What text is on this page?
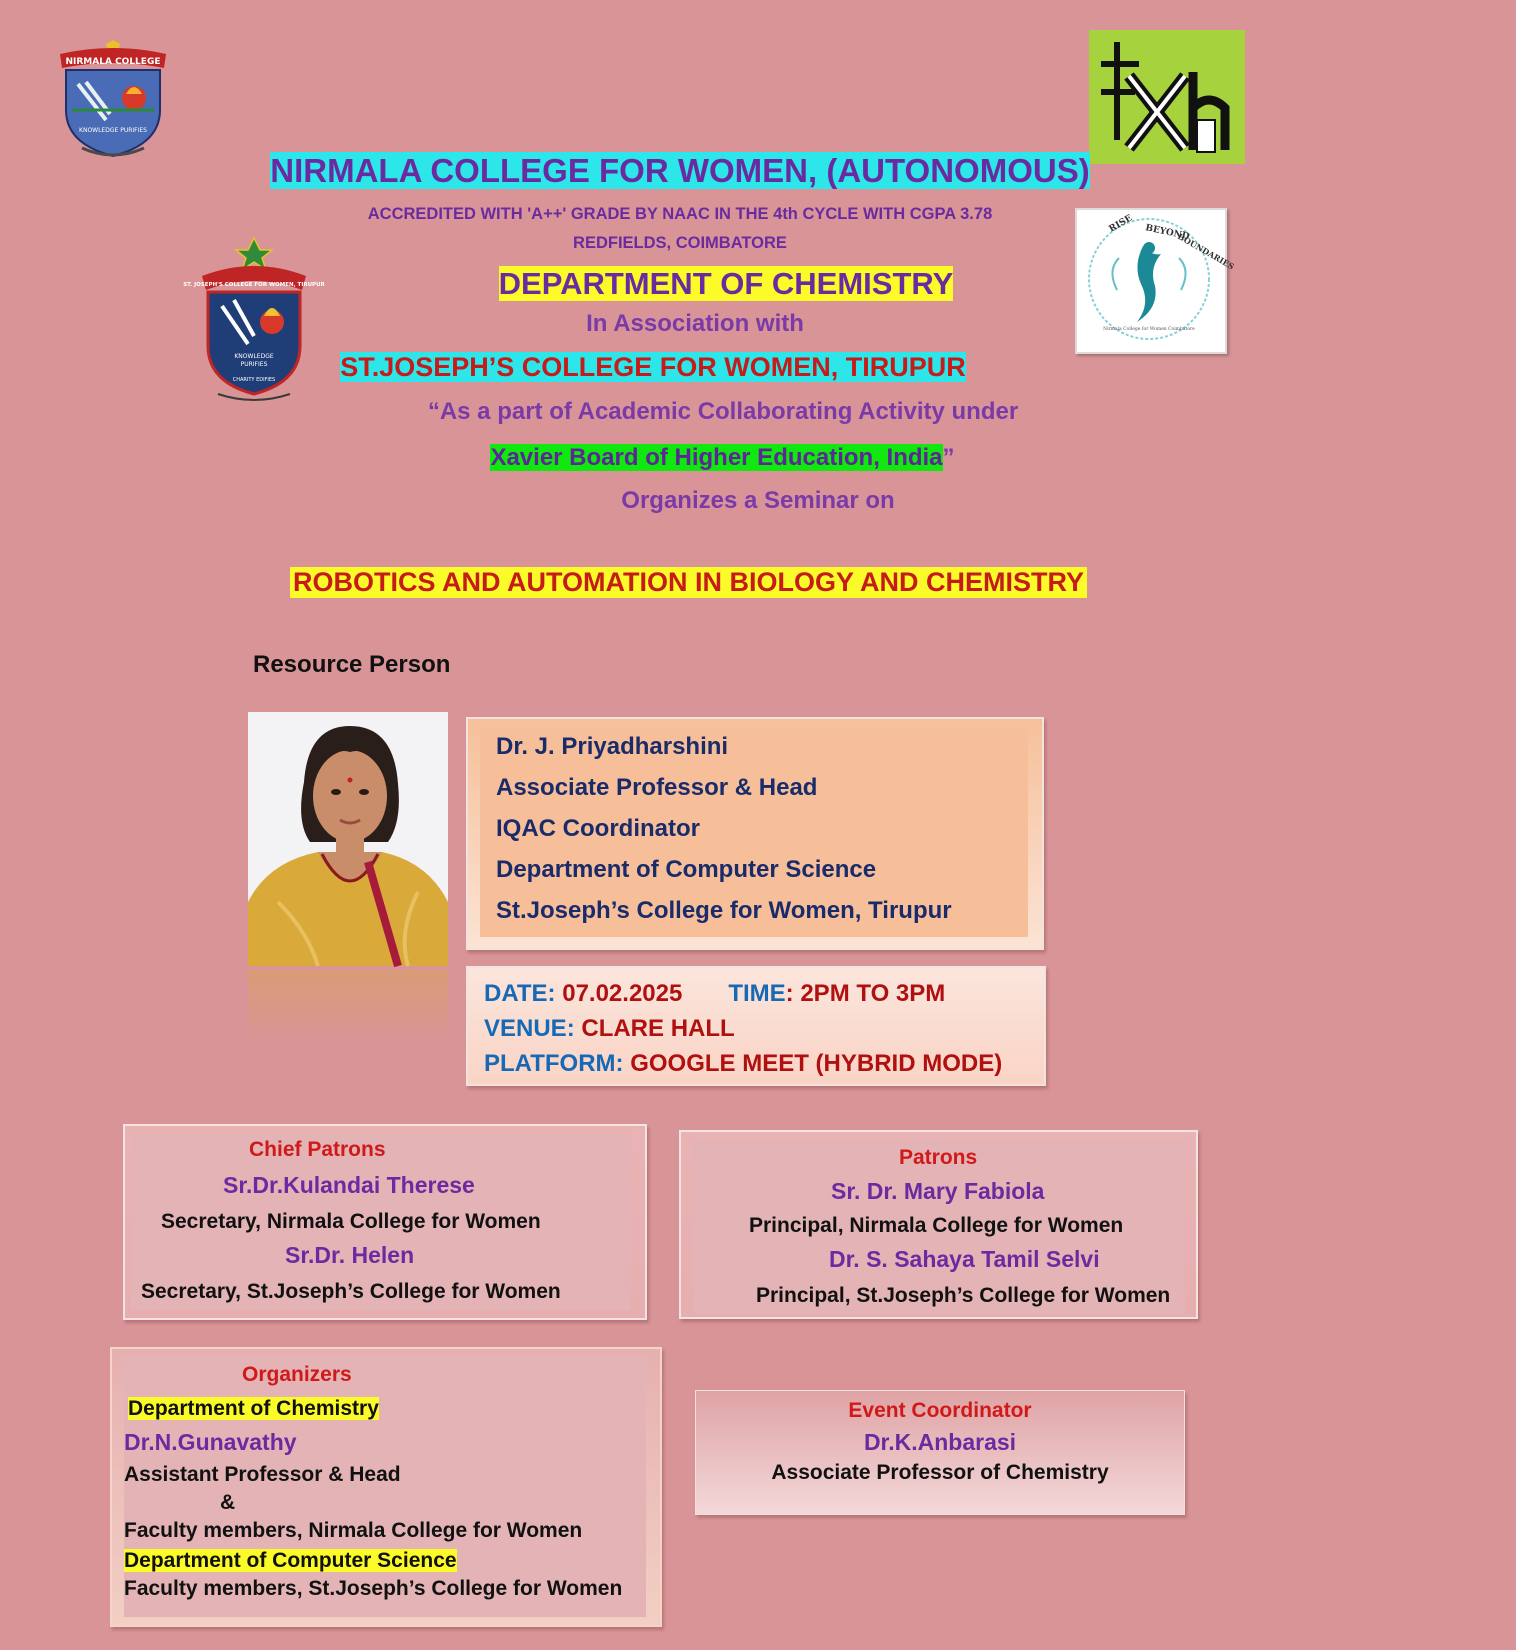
NIRMALA COLLEGE
KNOWLEDGE PURIFIES
ST. JOSEPH'S COLLEGE FOR WOMEN, TIRUPUR
KNOWLEDGE
PURIFIES
CHARITY EDIFIES
RISE BEYOND
BOUNDARIES
Nirmala College for Women Coimbatore
NIRMALA COLLEGE FOR WOMEN, (AUTONOMOUS)
ACCREDITED WITH 'A++' GRADE BY NAAC IN THE 4th CYCLE WITH CGPA 3.78
REDFIELDS, COIMBATORE
DEPARTMENT OF CHEMISTRY
In Association with
ST.JOSEPH’S COLLEGE FOR WOMEN, TIRUPUR
“As a part of Academic Collaborating Activity under
Xavier Board of Higher Education, India”
Organizes a Seminar on
ROBOTICS AND AUTOMATION IN BIOLOGY AND CHEMISTRY
Resource Person
Dr. J. Priyadharshini
Associate Professor & Head
IQAC Coordinator
Department of Computer Science
St.Joseph’s College for Women, Tirupur
DATE: 07.02.2025 TIME: 2PM TO 3PM
VENUE: CLARE HALL
PLATFORM: GOOGLE MEET (HYBRID MODE)
Chief Patrons
Sr.Dr.Kulandai Therese
Secretary, Nirmala College for Women
Sr.Dr. Helen
Secretary, St.Joseph’s College for Women
Patrons
Sr. Dr. Mary Fabiola
Principal, Nirmala College for Women
Dr. S. Sahaya Tamil Selvi
Principal, St.Joseph’s College for Women
Organizers
Department of Chemistry
Dr.N.Gunavathy
Assistant Professor & Head
&
Faculty members, Nirmala College for Women
Department of Computer Science
Faculty members, St.Joseph’s College for Women
Event Coordinator
Dr.K.Anbarasi
Associate Professor of Chemistry
